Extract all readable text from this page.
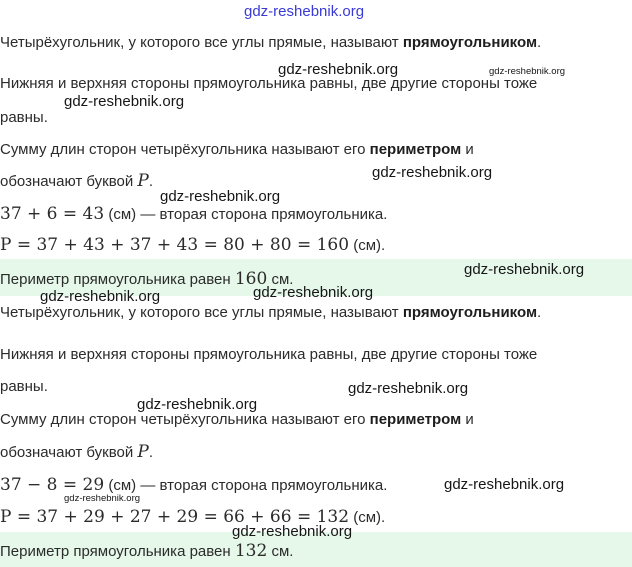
Четырёхугольник, у которого все углы прямые, называют прямоугольником.
Нижняя и верхняя стороны прямоугольника равны, две другие стороны тоже
равны.
Сумму длин сторон четырёхугольника называют его периметром и
обозначают буквой P.
37 + 6 = 43 (см) — вторая сторона прямоугольника.
P = 37 + 43 + 37 + 43 = 80 + 80 = 160 (см).
Периметр прямоугольника равен 160 см.
Четырёхугольник, у которого все углы прямые, называют прямоугольником.
Нижняя и верхняя стороны прямоугольника равны, две другие стороны тоже
равны.
Сумму длин сторон четырёхугольника называют его периметром и
обозначают буквой P.
37 − 8 = 29 (см) — вторая сторона прямоугольника.
P = 37 + 29 + 27 + 29 = 66 + 66 = 132 (см).
Периметр прямоугольника равен 132 см.
gdz-reshebnik.org
gdz-reshebnik.org	gdz-reshebnik.org
gdz-reshebnik.org
gdz-reshebnik.org
gdz-reshebnik.org
gdz-reshebnik.org
gdz-reshebnik.org	gdz-reshebnik.org
gdz-reshebnik.org
gdz-reshebnik.org
gdz-reshebnik.org
gdz-reshebnik.org
gdz-reshebnik.org
